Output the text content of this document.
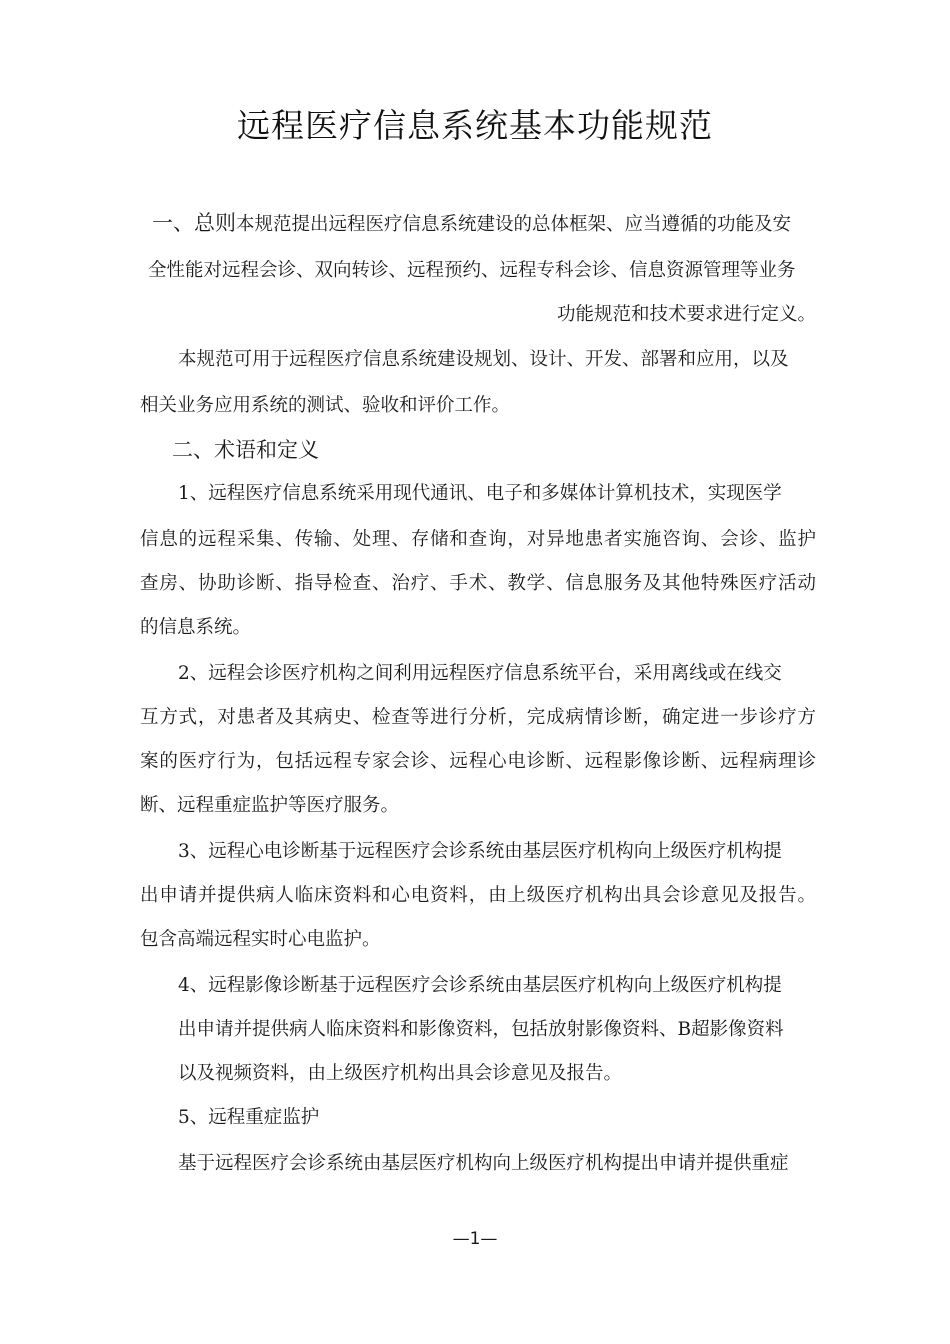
远程医疗信息系统基本功能规范
一、总则本规范提出远程医疗信息系统建设的总体框架、应当遵循的功能及安
全性能对远程会诊、双向转诊、远程预约、远程专科会诊、信息资源管理等业务
功能规范和技术要求进行定义。
本规范可用于远程医疗信息系统建设规划、设计、开发、部署和应用，以及
相关业务应用系统的测试、验收和评价工作。
二、术语和定义
1、远程医疗信息系统采用现代通讯、电子和多媒体计算机技术，实现医学
信息的远程采集、传输、处理、存储和查询，对异地患者实施咨询、会诊、监护
查房、协助诊断、指导检查、治疗、手术、教学、信息服务及其他特殊医疗活动
的信息系统。
2、远程会诊医疗机构之间利用远程医疗信息系统平台，采用离线或在线交
互方式，对患者及其病史、检查等进行分析，完成病情诊断，确定进一步诊疗方
案的医疗行为，包括远程专家会诊、远程心电诊断、远程影像诊断、远程病理诊
断、远程重症监护等医疗服务。
3、远程心电诊断基于远程医疗会诊系统由基层医疗机构向上级医疗机构提
出申请并提供病人临床资料和心电资料，由上级医疗机构出具会诊意见及报告。
包含高端远程实时心电监护。
4、远程影像诊断基于远程医疗会诊系统由基层医疗机构向上级医疗机构提
出申请并提供病人临床资料和影像资料，包括放射影像资料、B超影像资料
以及视频资料，由上级医疗机构出具会诊意见及报告。
5、远程重症监护
基于远程医疗会诊系统由基层医疗机构向上级医疗机构提出申请并提供重症
—1—
